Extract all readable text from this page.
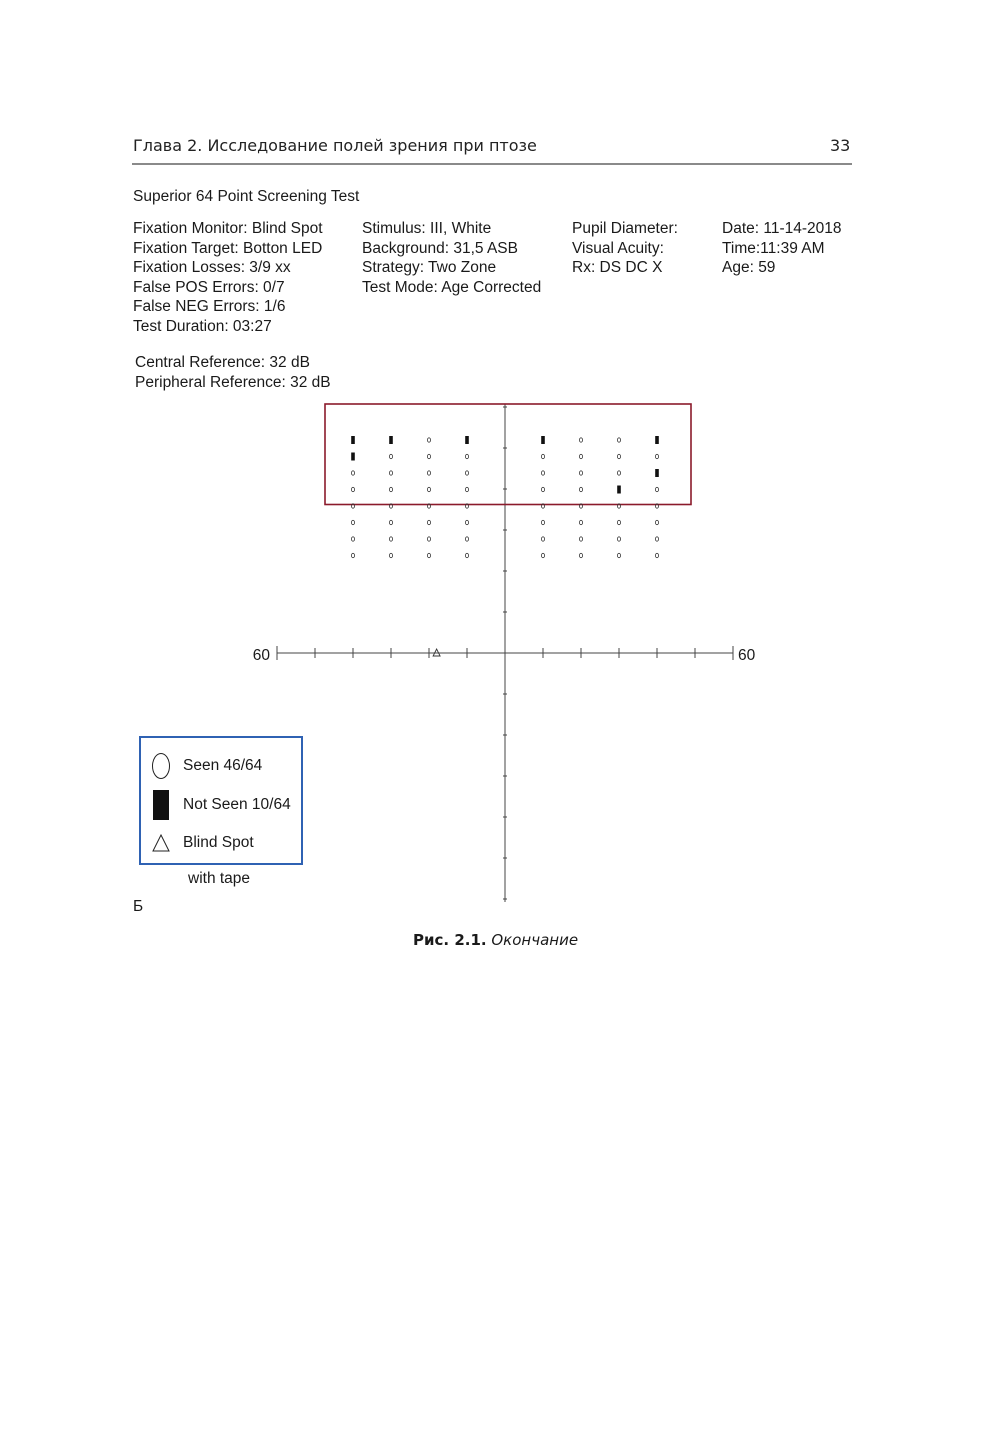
Глава 2. Исследование полей зрения при птозе	33
Superior 64 Point Screening Test
Fixation Monitor: Blind Spot
Fixation Target: Botton LED
Fixation Losses: 3/9 xx
False POS Errors: 0/7
False NEG Errors: 1/6
Test Duration: 03:27
Stimulus: III, White
Background: 31,5 ASB
Strategy: Two Zone
Test Mode: Age Corrected
Pupil Diameter:
Visual Acuity:
Rx: DS DC X
Date: 11-14-2018
Time:11:39 AM
Age: 59
Central Reference: 32 dB
Peripheral Reference: 32 dB
60	60
Seen 46/64
Not Seen 10/64
Blind Spot
with tape
Б
Рис. 2.1. Окончание
